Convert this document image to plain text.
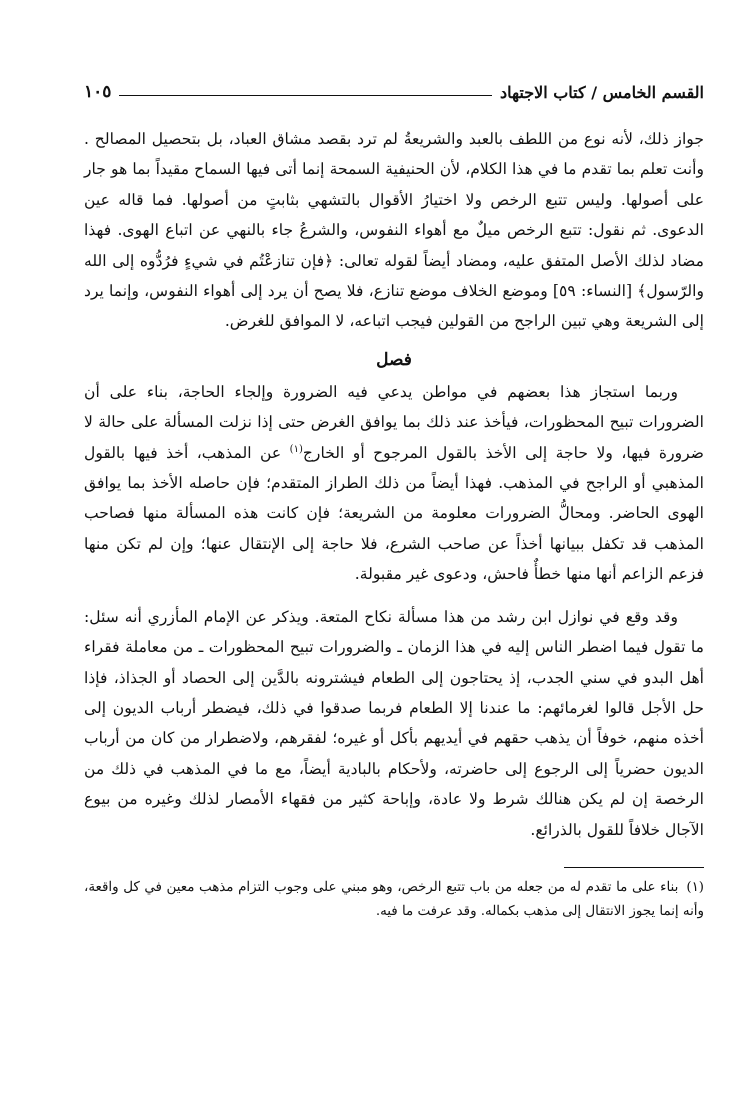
القسم الخامس / كتاب الاجتهاد
١٠٥

جواز ذلك، لأنه نوع من اللطف بالعبد والشريعةُ لم ترد بقصد مشاق العباد، بل بتحصيل المصالح . وأنت تعلم بما تقدم ما في هذا الكلام، لأن الحنيفية السمحة إنما أتى فيها السماح مقيداً بما هو جار على أصولها. وليس تتبع الرخص ولا اختيارُ الأقوال بالتشهي بثابتٍ من أصولها. فما قاله عين الدعوى. ثم نقول: تتبع الرخص ميلٌ مع أهواء النفوس، والشرعُ جاء بالنهي عن اتباع الهوى. فهذا مضاد لذلك الأصل المتفق عليه، ومضاد أيضاً لقوله تعالى: ﴿فإن تنازعْتُم في شيءٍ فرُدُّوه إلى الله والرّسول﴾ [النساء: ٥٩] وموضع الخلاف موضع تنازع، فلا يصح أن يرد إلى أهواء النفوس، وإنما يرد إلى الشريعة وهي تبين الراجح من القولين فيجب اتباعه، لا الموافق للغرض.

فصل

وربما استجاز هذا بعضهم في مواطن يدعي فيه الضرورة وإلجاء الحاجة، بناء على أن الضرورات تبيح المحظورات، فيأخذ عند ذلك بما يوافق الغرض حتى إذا نزلت المسألة على حالة لا ضرورة فيها، ولا حاجة إلى الأخذ بالقول المرجوح أو الخارج$^{(١)}$ عن المذهب، أخذ فيها بالقول المذهبي أو الراجح في المذهب. فهذا أيضاً من ذلك الطراز المتقدم؛ فإن حاصله الأخذ بما يوافق الهوى الحاضر. ومحالُّ الضرورات معلومة من الشريعة؛ فإن كانت هذه المسألة منها فصاحب المذهب قد تكفل ببيانها أخذاً عن صاحب الشرع، فلا حاجة إلى الإنتقال عنها؛ وإن لم تكن منها فزعم الزاعم أنها منها خطأٌ فاحش، ودعوى غير مقبولة.

وقد وقع في نوازل ابن رشد من هذا مسألة نكاح المتعة. ويذكر عن الإمام المأزري أنه سئل: ما تقول فيما اضطر الناس إليه في هذا الزمان ـ والضرورات تبيح المحظورات ـ من معاملة فقراء أهل البدو في سني الجدب، إذ يحتاجون إلى الطعام فيشترونه بالدَّين إلى الحصاد أو الجذاذ، فإذا حل الأجل قالوا لغرمائهم: ما عندنا إلا الطعام فربما صدقوا في ذلك، فيضطر أرباب الديون إلى أخذه منهم، خوفاً أن يذهب حقهم في أيديهم بأكل أو غيره؛ لفقرهم، ولاضطرار من كان من أرباب الديون حضرياً إلى الرجوع إلى حاضرته، ولأحكام بالبادية أيضاً، مع ما في المذهب في ذلك من الرخصة إن لم يكن هنالك شرط ولا عادة، وإباحة كثير من فقهاء الأمصار لذلك وغيره من بيوع الآجال خلافاً للقول بالذرائع.

(١)بناء على ما تقدم له من جعله من باب تتبع الرخص، وهو مبني على وجوب التزام مذهب معين في كل واقعة، وأنه إنما يجوز الانتقال إلى مذهب بكماله. وقد عرفت ما فيه.
